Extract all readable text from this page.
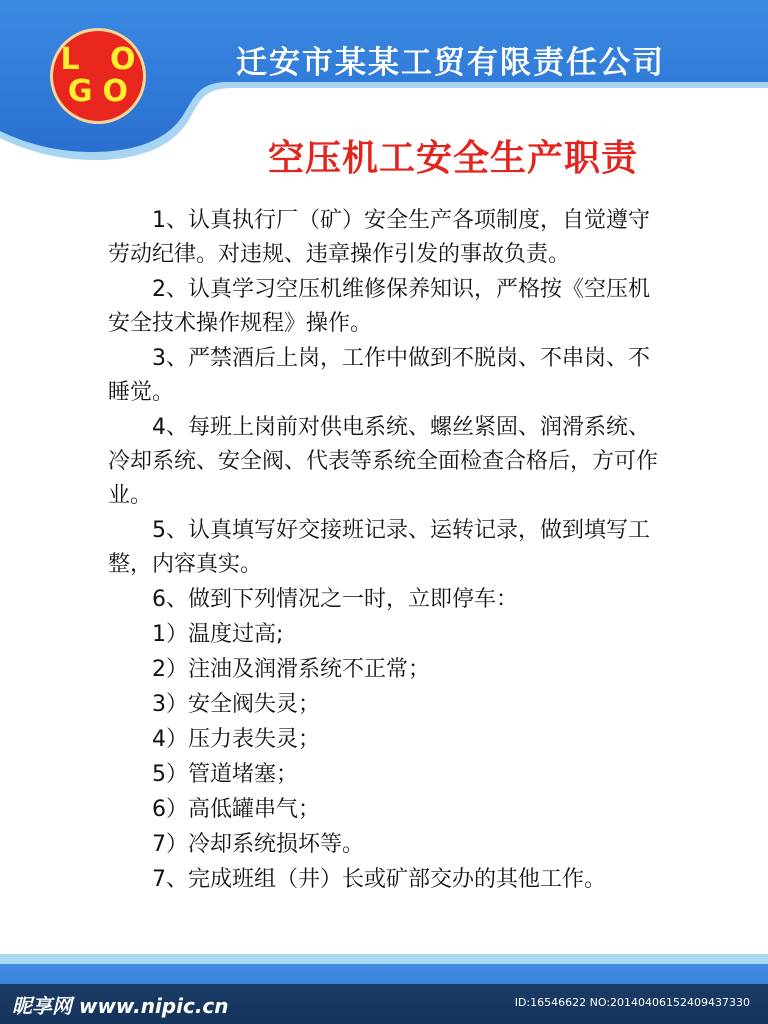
L O
GO
迁安市某某工贸有限责任公司
空压机工安全生产职责

1、认真执行厂（矿）安全生产各项制度，自觉遵守劳动纪律。对违规、违章操作引发的事故负责。

2、认真学习空压机维修保养知识，严格按《空压机安全技术操作规程》操作。

3、严禁酒后上岗，工作中做到不脱岗、不串岗、不睡觉。

4、每班上岗前对供电系统、螺丝紧固、润滑系统、冷却系统、安全阀、代表等系统全面检查合格后，方可作业。

5、认真填写好交接班记录、运转记录，做到填写工整，内容真实。

6、做到下列情况之一时，立即停车：

1）温度过高;

2）注油及润滑系统不正常；

3）安全阀失灵；

4）压力表失灵；

5）管道堵塞；

6）高低罐串气；

7）冷却系统损坏等。

7、完成班组（井）长或矿部交办的其他工作。

昵享网 www.nipic.cn	ID:16546622 NO:20140406152409437330
